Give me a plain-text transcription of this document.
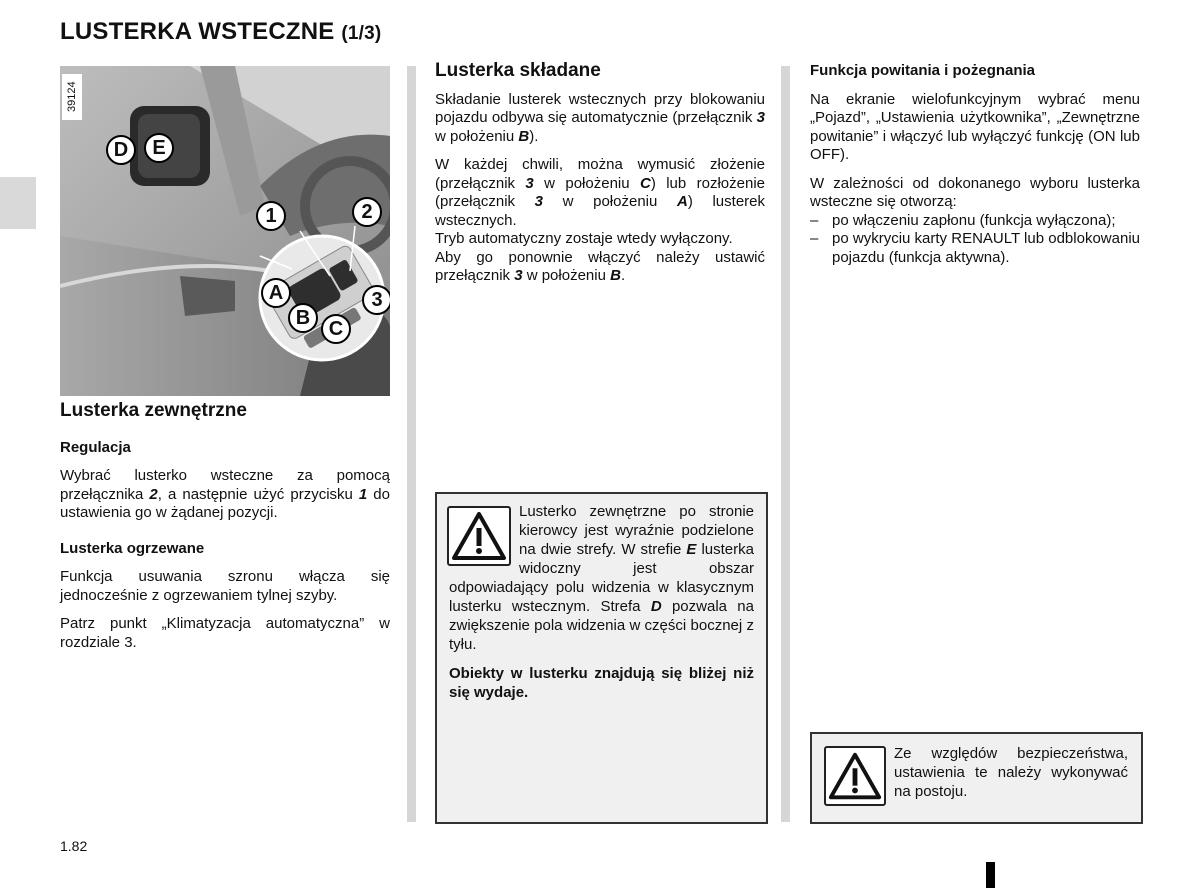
LUSTERKA WSTECZNE (1/3)
D	E
1	2
A	3
B C
39124
Lusterka zewnętrzne
Regulacja

Wybrać lusterko wsteczne za pomocą przełącznika 2, a następnie użyć przycisku 1 do ustawienia go w żądanej pozycji.

Lusterka ogrzewane

Funkcja usuwania szronu włącza się jednocześnie z ogrzewaniem tylnej szyby.

Patrz punkt „Klimatyzacja automatyczna” w rozdziale 3.

Lusterka składane

Składanie lusterek wstecznych przy blokowaniu pojazdu odbywa się automatycznie (przełącznik 3 w położeniu B).

W każdej chwili, można wymusić złożenie (przełącznik 3 w położeniu C) lub rozłożenie (przełącznik 3 w położeniu A) lusterek wstecznych.

Tryb automatyczny zostaje wtedy wyłączony.

Aby go ponownie włączyć należy ustawić przełącznik 3 w położeniu B.

Lusterko zewnętrzne po stronie kierowcy jest wyraźnie podzielone na dwie strefy. W strefie E lusterka widoczny jest obszar odpowiadający polu widzenia w klasycznym lusterku wstecznym. Strefa D pozwala na zwiększenie pola widzenia w części bocznej z tyłu.
Obiekty w lusterku znajdują się bliżej niż się wydaje.
Funkcja powitania i pożegnania

Na ekranie wielofunkcyjnym wybrać menu „Pojazd”, „Ustawienia użytkownika”, „Zewnętrzne powitanie” i włączyć lub wyłączyć funkcję (ON lub OFF).

W zależności od dokonanego wyboru lusterka wsteczne się otworzą:

– po włączeniu zapłonu (funkcja wyłączona);
– po wykryciu karty RENAULT lub odblokowaniu pojazdu (funkcja aktywna).
Ze względów bezpieczeństwa, ustawienia te należy wykonywać na postoju.
1.82
